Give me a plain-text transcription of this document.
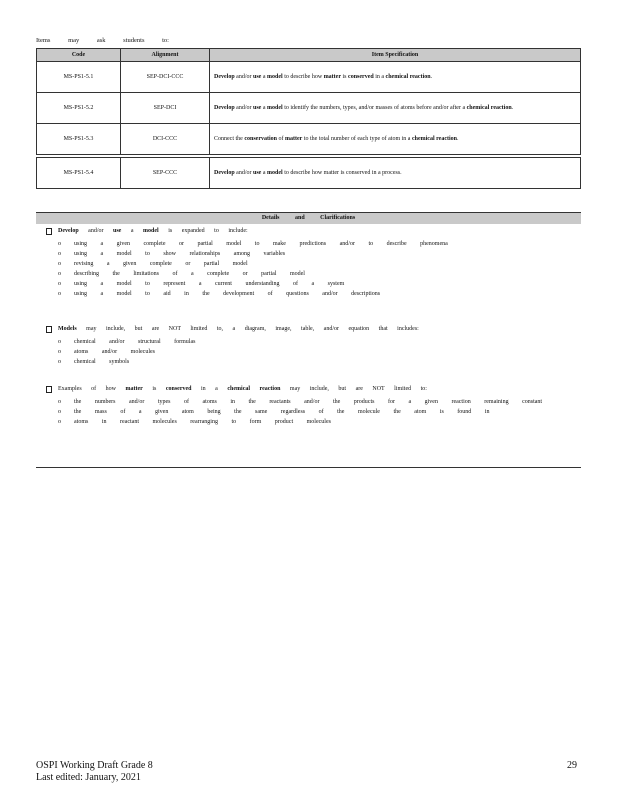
Items may ask students to:
Code	Alignment	Item Specification
MS-PS1-5.1	SEP-DCI-CCC	Develop and/or use a model to describe how matter is conserved in a chemical reaction.
MS-PS1-5.2	SEP-DCI	Develop and/or use a model to identify the numbers, types, and/or masses of atoms before and/or after a chemical reaction.
MS-PS1-5.3	DCI-CCC	Connect the conservation of matter to the total number of each type of atom in a chemical reaction.

MS-PS1-5.4	SEP-CCC	Develop and/or use a model to describe how matter is conserved in a process.
Details and Clarifications
Develop and/or use a model is expanded to include:
o	using a given complete or partial model to make predictions and/or to describe phenomena
o	using a model to show relationships among variables
o	revising a given complete or partial model
o	describing the limitations of a complete or partial model
o	using a model to represent a current understanding of a system
o	using a model to aid in the development of questions and/or descriptions
Models may include, but are NOT limited to, a diagram, image, table, and/or equation that includes:
o	chemical and/or structural formulas
o	atoms and/or molecules
o	chemical symbols
Examples of how matter is conserved in a chemical reaction may include, but are NOT limited to:
o	the numbers and/or types of atoms in the reactants and/or the products for a given reaction remaining constant
o	the mass of a given atom being the same regardless of the molecule the atom is found in
o	atoms in reactant molecules rearranging to form product molecules
OSPI Working Draft Grade 8
Last edited: January, 2021
29
